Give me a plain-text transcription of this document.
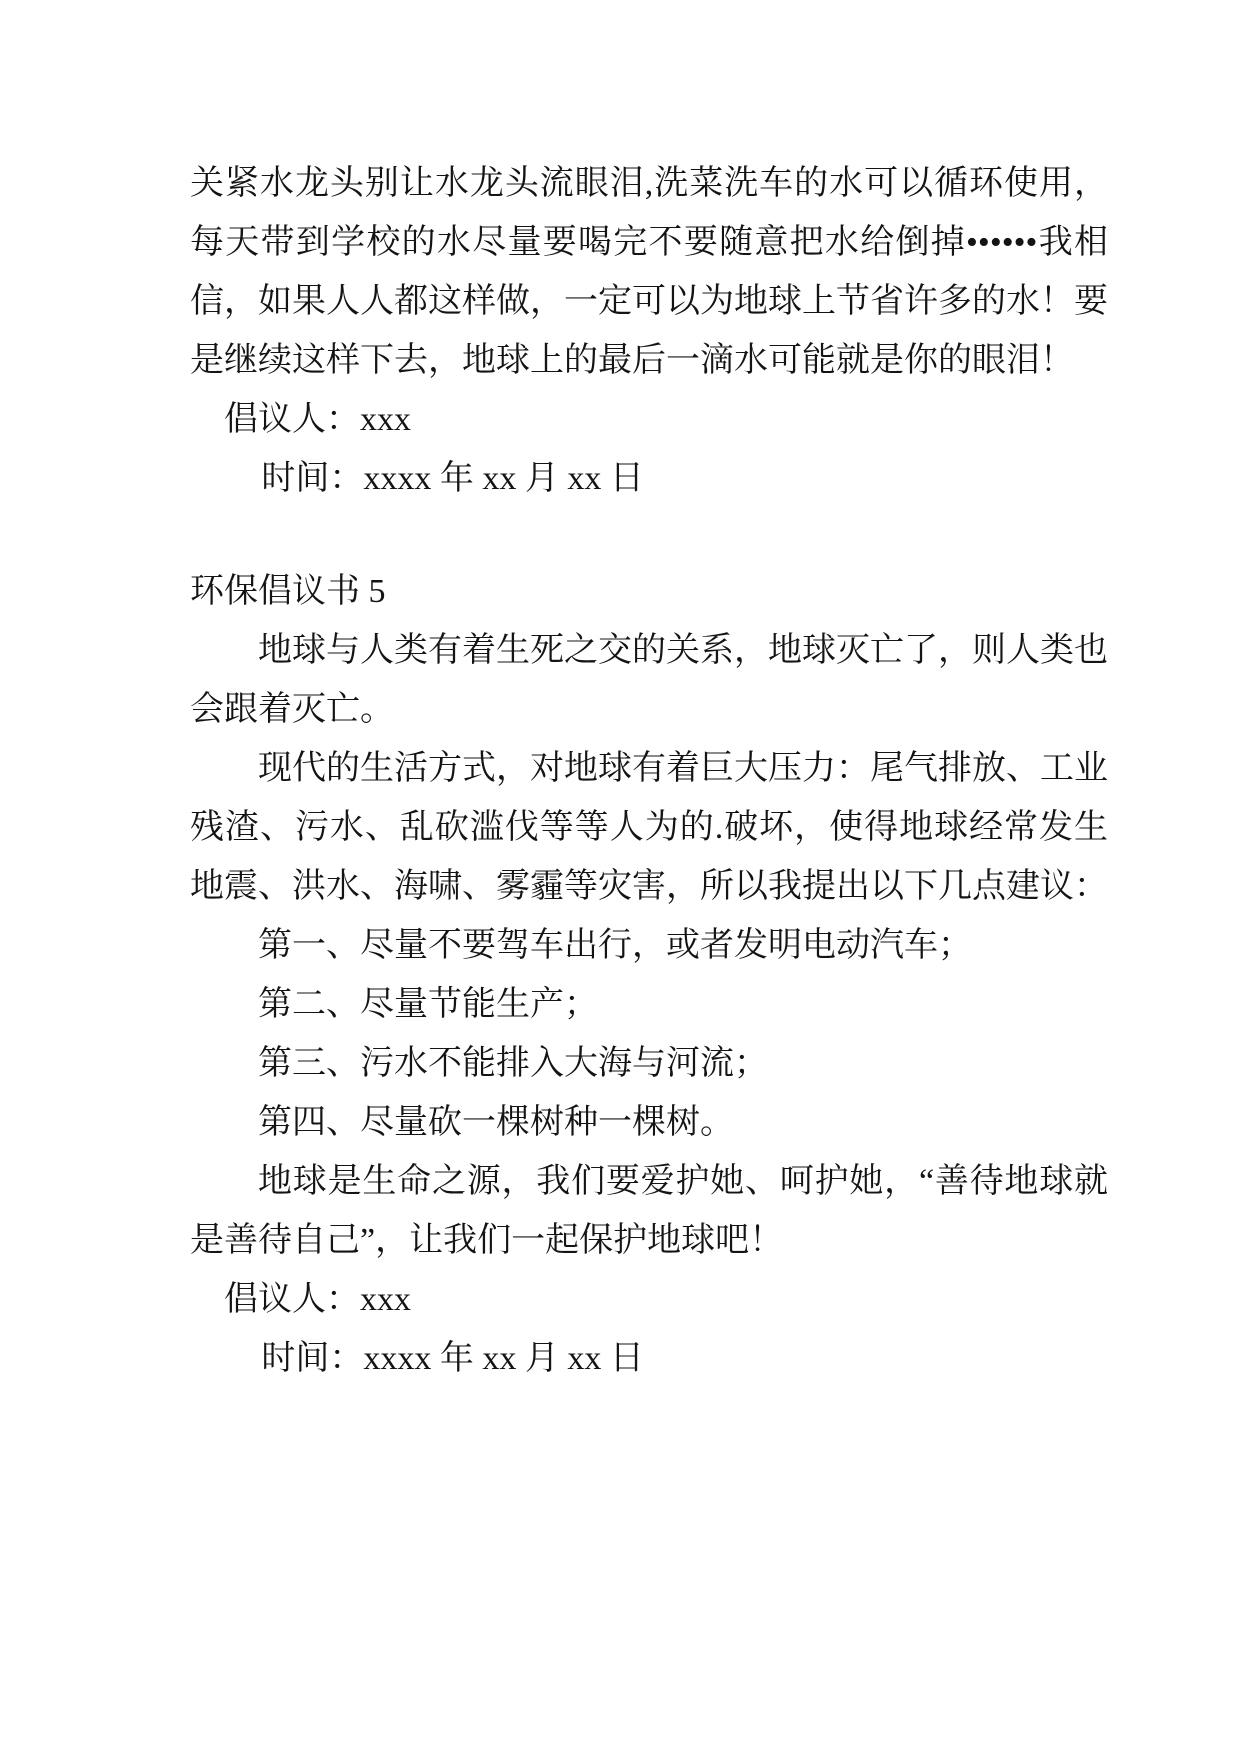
关紧水龙头别让水龙头流眼泪,洗菜洗车的水可以循环使用，每天带到学校的水尽量要喝完不要随意把水给倒掉••••••我相信，如果人人都这样做，一定可以为地球上节省许多的水！要是继续这样下去，地球上的最后一滴水可能就是你的眼泪！

倡议人：xxx

时间：xxxx 年 xx 月 xx 日

环保倡议书 5

地球与人类有着生死之交的关系，地球灭亡了，则人类也会跟着灭亡。

现代的生活方式，对地球有着巨大压力：尾气排放、工业残渣、污水、乱砍滥伐等等人为的.破坏，使得地球经常发生地震、洪水、海啸、雾霾等灾害，所以我提出以下几点建议：

第一、尽量不要驾车出行，或者发明电动汽车；

第二、尽量节能生产；

第三、污水不能排入大海与河流；

第四、尽量砍一棵树种一棵树。

地球是生命之源，我们要爱护她、呵护她，“善待地球就是善待自己”，让我们一起保护地球吧！

倡议人：xxx

时间：xxxx 年 xx 月 xx 日
